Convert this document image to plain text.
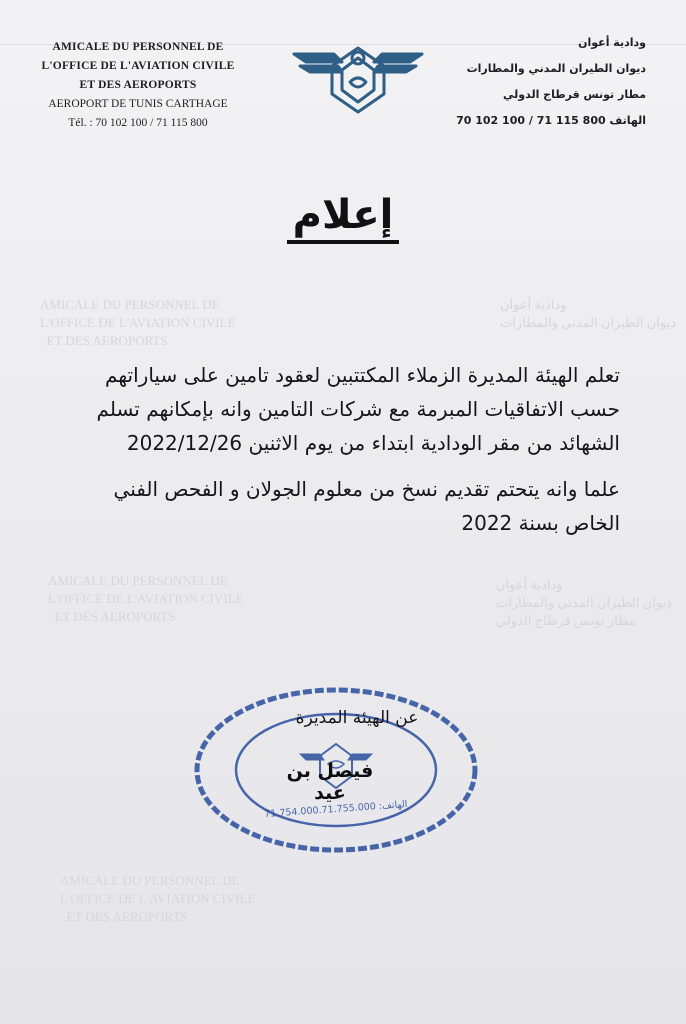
AMICALE DU PERSONNEL DE
L'OFFICE DE L'AVIATION CIVILE
ET DES AEROPORTS
AMICALE DU PERSONNEL DE
L'OFFICE DE L'AVIATION CIVILE
ET DES AEROPORTS
ودادية أعوان
ديوان الطيران المدني والمطارات
ودادية أعوان
ديوان الطيران المدني والمطارات
مطار تونس قرطاج الدولي
AMICALE DU PERSONNEL DE
L'OFFICE DE L'AVIATION CIVILE
ET DES AEROPORTS
AMICALE DU PERSONNEL DE
L'OFFICE DE L'AVIATION CIVILE
ET DES AEROPORTS
AEROPORT DE TUNIS CARTHAGE
Tél. : 70 102 100 / 71 115 800
ودادية أعوان
ديوان الطيران المدني والمطارات
مطار تونس قرطاج الدولي
الهاتف 800 115 71 / 100 102 70
إعلام
تعلم الهيئة المديرة الزملاء المكتتبين لعقود تامين على سياراتهم
حسب الاتفاقيات المبرمة مع شركات التامين وانه بإمكانهم تسلم
الشهائد من مقر الودادية ابتداء من يوم الاثنين 2022/12/26
علما وانه يتحتم تقديم نسخ من معلوم الجولان و الفحص الفني
الخاص بسنة 2022
الهاتف: 71.754.000.71.755.000
عن الهيئة المديرة
فيصل بن عيد
